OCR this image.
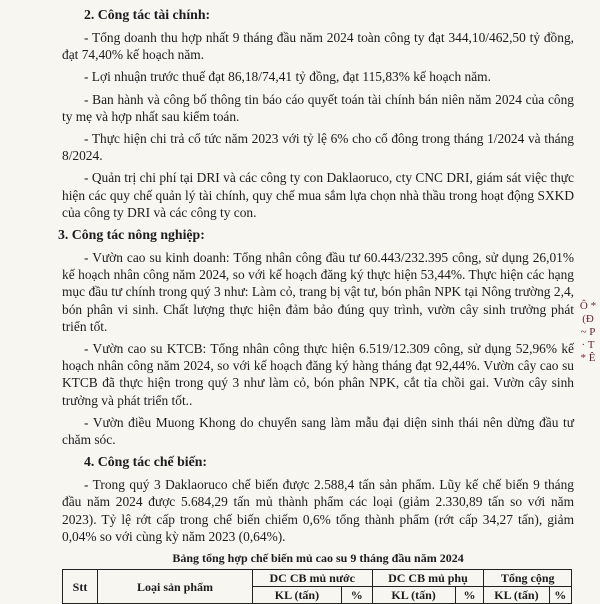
2. Công tác tài chính:

- Tổng doanh thu hợp nhất 9 tháng đầu năm 2024 toàn công ty đạt 344,10/462,50 tỷ đồng, đạt 74,40% kế hoạch năm.

- Lợi nhuận trước thuế đạt 86,18/74,41 tỷ đồng, đạt 115,83% kế hoạch năm.

- Ban hành và công bố thông tin báo cáo quyết toán tài chính bán niên năm 2024 của công ty mẹ và hợp nhất sau kiểm toán.

- Thực hiện chi trả cổ tức năm 2023 với tỷ lệ 6% cho cổ đông trong tháng 1/2024 và tháng 8/2024.

- Quản trị chi phí tại DRI và các công ty con Daklaoruco, cty CNC DRI, giám sát việc thực hiện các quy chế quản lý tài chính, quy chế mua sắm lựa chọn nhà thầu trong hoạt động SXKD của công ty DRI và các công ty con.

3. Công tác nông nghiệp:

- Vườn cao su kinh doanh: Tổng nhân công đầu tư 60.443/232.395 công, sử dụng 26,01% kế hoạch nhân công năm 2024, so với kế hoạch đăng ký thực hiện 53,44%. Thực hiện các hạng mục đầu tư chính trong quý 3 như: Làm cỏ, trang bị vật tư, bón phân NPK tại Nông trường 2,4, bón phân vi sinh. Chất lượng thực hiện đảm bảo đúng quy trình, vườn cây sinh trưởng phát triển tốt.

- Vườn cao su KTCB: Tổng nhân công thực hiện 6.519/12.309 công, sử dụng 52,96% kế hoạch nhân công năm 2024, so với kế hoạch đăng ký hàng tháng đạt 92,44%. Vườn cây cao su KTCB đã thực hiện trong quý 3 như làm cỏ, bón phân NPK, cắt tỉa chồi gai. Vườn cây sinh trưởng và phát triển tốt..

- Vườn điều Muong Khong do chuyển sang làm mẫu đại diện sinh thái nên dừng đầu tư chăm sóc.

4. Công tác chế biến:

- Trong quý 3 Daklaoruco chế biến được 2.588,4 tấn sản phẩm. Lũy kế chế biến 9 tháng đầu năm 2024 được 5.684,29 tấn mủ thành phẩm các loại (giảm 2.330,89 tấn so với năm 2023). Tỷ lệ rớt cấp trong chế biến chiếm 0,6% tổng thành phẩm (rớt cấp 34,27 tấn), giảm 0,04% so với cùng kỳ năm 2023 (0,64%).

Bảng tổng hợp chế biến mủ cao su 9 tháng đầu năm 2024
Stt	Loại sản phẩm	DC CB mủ nước		DC CB mủ phụ		Tổng cộng	
		KL (tấn)	%	KL (tấn)	%	KL (tấn)	%
Ô * (Đ ~ P · T * Ê
